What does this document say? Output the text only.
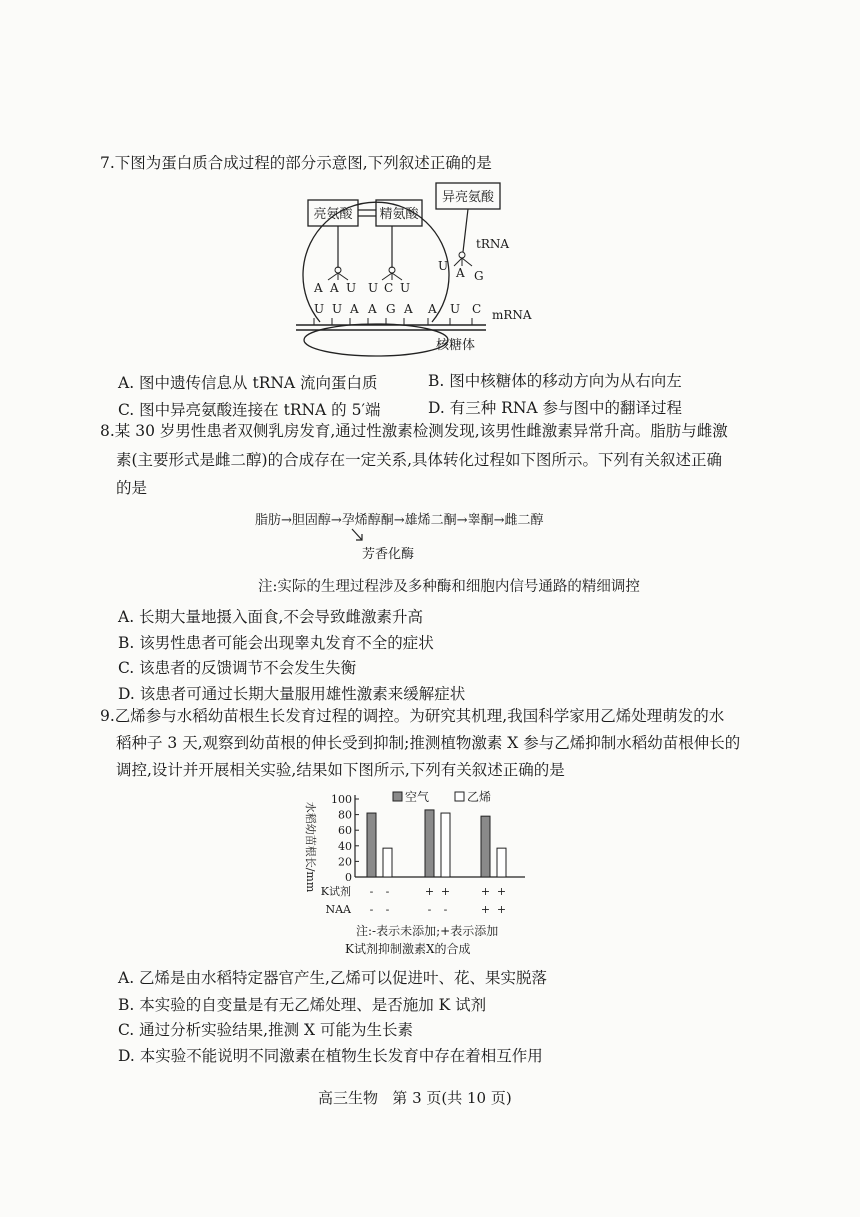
7.下图为蛋白质合成过程的部分示意图,下列叙述正确的是
亮氨酸 精氨酸
异亮氨酸
tRNA
A A U U C U
U A G
U U A A G A A U C mRNA
核糖体
A. 图中遗传信息从 tRNA 流向蛋白质	B. 图中核糖体的移动方向为从右向左
C. 图中异亮氨酸连接在 tRNA 的 5′端	D. 有三种 RNA 参与图中的翻译过程
8.某 30 岁男性患者双侧乳房发育,通过性激素检测发现,该男性雌激素异常升高。脂肪与雌激
素(主要形式是雌二醇)的合成存在一定关系,具体转化过程如下图所示。下列有关叙述正确
的是
脂肪→胆固醇→孕烯醇酮→雄烯二酮→睾酮→雌二醇
芳香化酶
注:实际的生理过程涉及多种酶和细胞内信号通路的精细调控
A. 长期大量地摄入面食,不会导致雌激素升高
B. 该男性患者可能会出现睾丸发育不全的症状
C. 该患者的反馈调节不会发生失衡
D. 该患者可通过长期大量服用雄性激素来缓解症状
9.乙烯参与水稻幼苗根生长发育过程的调控。为研究其机理,我国科学家用乙烯处理萌发的水
稻种子 3 天,观察到幼苗根的伸长受到抑制;推测植物激素 X 参与乙烯抑制水稻幼苗根伸长的
调控,设计并开展相关实验,结果如下图所示,下列有关叙述正确的是
水稻幼苗根长/mm	0
20
40
60
80
100	空气	乙烯
K试剂 - -	+ +	+ +
NAA - -	- -	+ +
注:-表示未添加;+表示添加
K试剂抑制激素X的合成
A. 乙烯是由水稻特定器官产生,乙烯可以促进叶、花、果实脱落
B. 本实验的自变量是有无乙烯处理、是否施加 K 试剂
C. 通过分析实验结果,推测 X 可能为生长素
D. 本实验不能说明不同激素在植物生长发育中存在着相互作用
高三生物   第 3 页(共 10 页)
